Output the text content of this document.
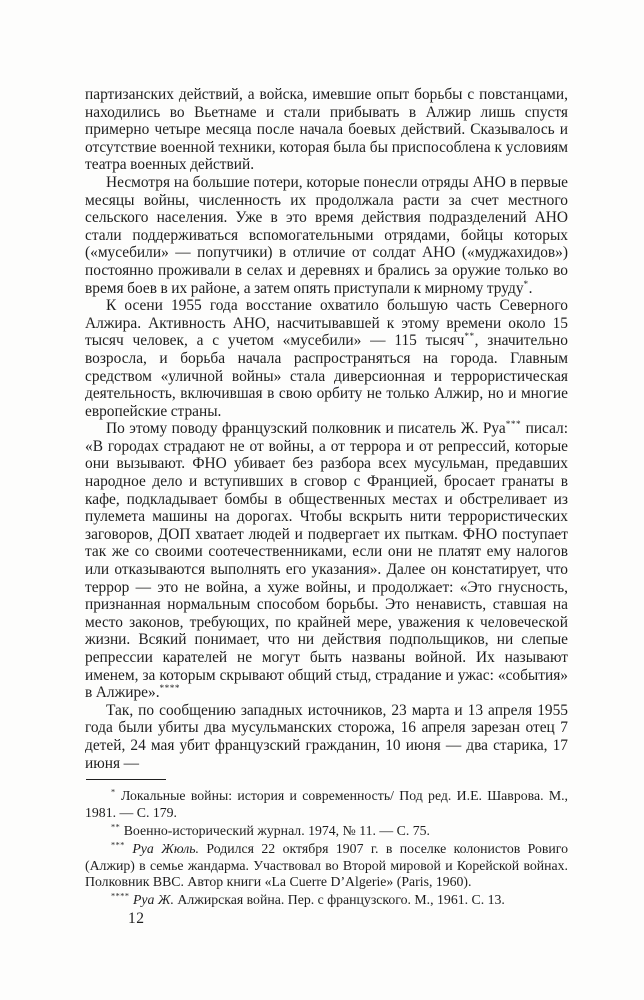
партизанских действий, а войска, имевшие опыт борьбы с повстанцами, находились во Вьетнаме и стали прибывать в Алжир лишь спустя примерно четыре месяца после начала боевых действий. Сказывалось и отсутствие военной техники, которая была бы приспособлена к условиям театра военных действий.

Несмотря на большие потери, которые понесли отряды АНО в первые месяцы войны, численность их продолжала расти за счет местного сельского населения. Уже в это время действия подразделений АНО стали поддерживаться вспомогательными отрядами, бойцы которых («мусебили» — попутчики) в отличие от солдат АНО («муджахидов») постоянно проживали в селах и деревнях и брались за оружие только во время боев в их районе, а затем опять приступали к мирному труду*.

К осени 1955 года восстание охватило большую часть Северного Алжира. Активность АНО, насчитывавшей к этому времени около 15 тысяч человек, а с учетом «мусебили» — 115 тысяч**, значительно возросла, и борьба начала распространяться на города. Главным средством «уличной войны» стала диверсионная и террористическая деятельность, включившая в свою орбиту не только Алжир, но и многие европейские страны.

По этому поводу французский полковник и писатель Ж. Руа*** писал: «В городах страдают не от войны, а от террора и от репрессий, которые они вызывают. ФНО убивает без разбора всех мусульман, предавших народное дело и вступивших в сговор с Францией, бросает гранаты в кафе, подкладывает бомбы в общественных местах и обстреливает из пулемета машины на дорогах. Чтобы вскрыть нити террористических заговоров, ДОП хватает людей и подвергает их пыткам. ФНО поступает так же со своими соотечественниками, если они не платят ему налогов или отказываются выполнять его указания». Далее он констатирует, что террор — это не война, а хуже войны, и продолжает: «Это гнусность, признанная нормальным способом борьбы. Это ненависть, ставшая на место законов, требующих, по крайней мере, уважения к человеческой жизни. Всякий понимает, что ни действия подпольщиков, ни слепые репрессии карателей не могут быть названы войной. Их называют именем, за которым скрывают общий стыд, страдание и ужас: «события» в Алжире».****

Так, по сообщению западных источников, 23 марта и 13 апреля 1955 года были убиты два мусульманских сторожа, 16 апреля зарезан отец 7 детей, 24 мая убит французский гражданин, 10 июня — два старика, 17 июня —

* Локальные войны: история и современность/ Под ред. И.Е. Шаврова. М., 1981. — С. 179.

** Военно-исторический журнал. 1974, № 11. — С. 75.

*** Руа Жюль. Родился 22 октября 1907 г. в поселке колонистов Ровиго (Алжир) в семье жандарма. Участвовал во Второй мировой и Корейской войнах. Полковник ВВС. Автор книги «La Cuerre D’Algerie» (Paris, 1960).

**** Руа Ж. Алжирская война. Пер. с французского. М., 1961. С. 13.

12
